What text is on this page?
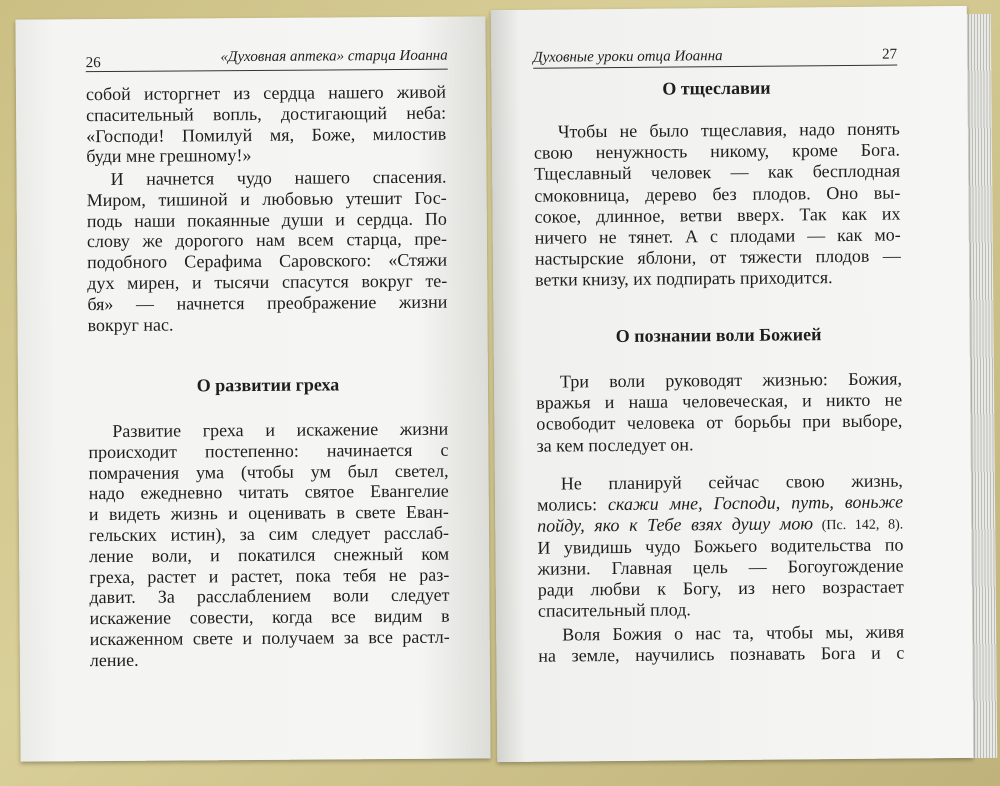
26	«Духовная аптека» старца Иоанна
собой исторгнет из сердца нашего живой
спасительный вопль, достигающий неба:
«Господи! Помилуй мя, Боже, милостив
буди мне грешному!»
И начнется чудо нашего спасения.
Миром, тишиной и любовью утешит Гос-
подь наши покаянные души и сердца. По
слову же дорогого нам всем старца, пре-
подобного Серафима Саровского: «Стяжи
дух мирен, и тысячи спасутся вокруг те-
бя» — начнется преображение жизни
вокруг нас.
О развитии греха
Развитие греха и искажение жизни
происходит постепенно: начинается с
помрачения ума (чтобы ум был светел,
надо ежедневно читать святое Евангелие
и видеть жизнь и оценивать в свете Еван-
гельских истин), за сим следует расслаб-
ление воли, и покатился снежный ком
греха, растет и растет, пока тебя не раз-
давит. За расслаблением воли следует
искажение совести, когда все видим в
искаженном свете и получаем за все растл-
ление.
Духовные уроки отца Иоанна	27
О тщеславии
Чтобы не было тщеславия, надо понять
свою ненужность никому, кроме Бога.
Тщеславный человек — как бесплодная
смоковница, дерево без плодов. Оно вы-
сокое, длинное, ветви вверх. Так как их
ничего не тянет. А с плодами — как мо-
настырские яблони, от тяжести плодов —
ветки книзу, их подпирать приходится.
О познании воли Божией
Три воли руководят жизнью: Божия,
вражья и наша человеческая, и никто не
освободит человека от борьбы при выборе,
за кем последует он.
Не планируй сейчас свою жизнь,
молись: скажи мне, Господи, путь, воньже
пойду, яко к Тебе взях душу мою (Пс. 142, 8).
И увидишь чудо Божьего водительства по
жизни. Главная цель — Богоугождение
ради любви к Богу, из него возрастает
спасительный плод.
Воля Божия о нас та, чтобы мы, живя
на земле, научились познавать Бога и с
